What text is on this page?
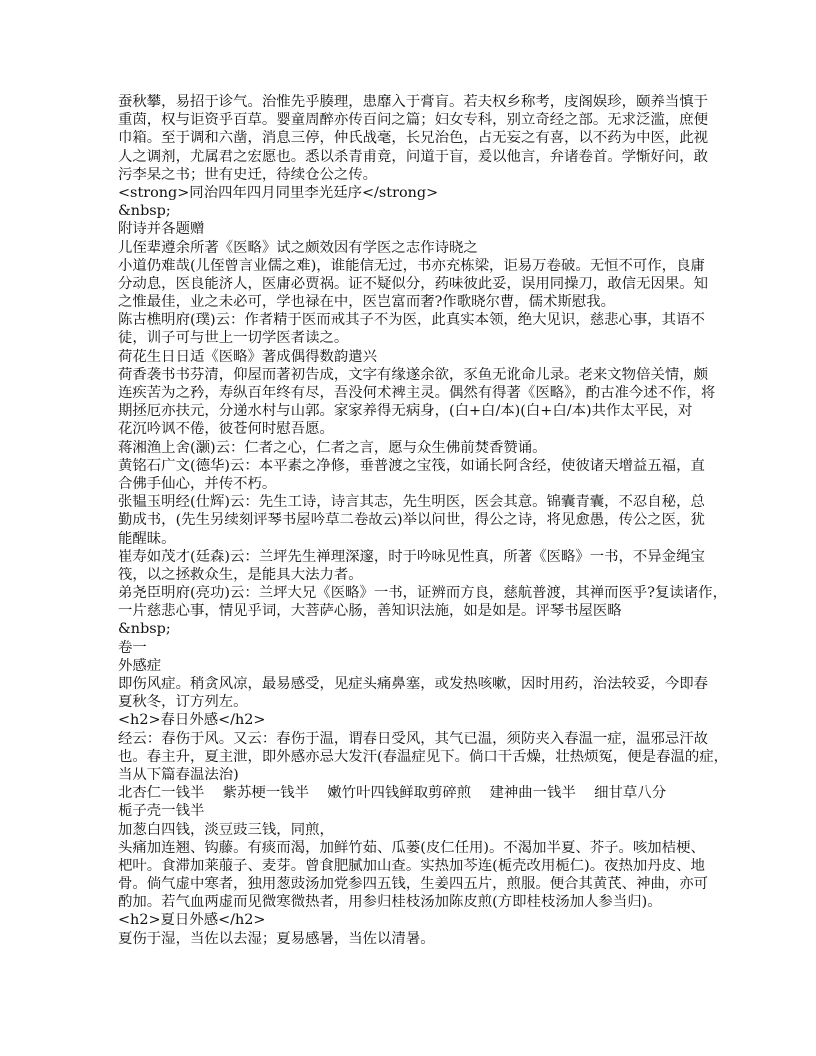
蚕秋攀，易招于诊气。治惟先乎腠理，患靡入于膏肓。若夫权乡称考，庋阁娱珍，颐养当慎于
重茵，权与讵资乎百草。婴童周醉亦传百问之篇；妇女专科，别立奇经之部。无求泛滥，庶便
巾箱。至于调和六凿，消息三停，仲氏战毫，长兄治色，占无妄之有喜，以不药为中医，此视
人之调剂，尤属君之宏愿也。悉以杀青甫竟，问道于盲，爰以他言，弁诸卷首。学惭好问，敢
污李杲之书；世有史迁，待续仓公之传。
<strong>同治四年四月同里李光廷序</strong>
&nbsp;
附诗并各题赠
儿侄辈遵余所著《医略》试之颇效因有学医之志作诗晓之
小道仍难哉(儿侄曾言业儒之难)，谁能信无过，书亦充栋梁，讵易万卷破。无恒不可作，良庸
分动息，医良能济人，医庸必贾祸。证不疑似分，药味彼此妥，误用同操刀，敢信无因果。知
之惟最佳，业之未必可，学也禄在中，医岂富而奢?作歌晓尔曹，儒术斯慰我。
陈古樵明府(璞)云：作者精于医而戒其子不为医，此真实本领，绝大见识，慈悲心事，其语不
徒，训子可与世上一切学医者读之。
荷花生日日适《医略》著成偶得数韵遣兴
荷香袭书书芬清，仰屋而著初告成，文字有缘遂余欲，豕鱼无讹命儿录。老来文物倍关情，颇
连疾苦为之矜，寿纵百年终有尽，吾没何术裨主灵。偶然有得著《医略》，酌古准今述不作，将
期拯厄亦扶元，分递水村与山郭。家家养得无病身，(白+白/本)(白+白/本)共作太平民，对
花沉吟讽不倦，彼苍何时慰吾愿。
蒋湘渔上舍(灏)云：仁者之心，仁者之言，愿与众生佛前焚香赞诵。
黄铭石广文(德华)云：本平素之净修，垂普渡之宝筏，如诵长阿含经，使彼诸天增益五福，直
合佛手仙心，并传不朽。
张韫玉明经(仕辉)云：先生工诗，诗言其志，先生明医，医会其意。锦囊青囊，不忍自秘，总
勤成书，(先生另续刻评琴书屋吟草二卷故云)举以问世，得公之诗，将见愈愚，传公之医，犹
能醒昧。
崔寿如茂才(廷森)云：兰坪先生禅理深邃，时于吟咏见性真，所著《医略》一书，不异金绳宝
筏，以之拯救众生，是能具大法力者。
弟尧臣明府(亮功)云：兰坪大兄《医略》一书，证辨而方良，慈航普渡，其禅而医乎?复读诸作，
一片慈悲心事，情见乎词，大菩萨心肠，善知识法施，如是如是。评琴书屋医略
&nbsp;
卷一
外感症
即伤风症。稍贪风凉，最易感受，见症头痛鼻塞，或发热咳嗽，因时用药，治法较妥，今即春
夏秋冬，订方列左。
<h2>春日外感</h2>
经云：春伤于风。又云：春伤于温，谓春日受风，其气已温，须防夹入春温一症，温邪忌汗故
也。春主升，夏主泄，即外感亦忌大发汗(春温症见下。倘口干舌燥，壮热烦冤，便是春温的症，
当从下篇春温法治)
北杏仁一钱半    紫苏梗一钱半    嫩竹叶四钱鲜取剪碎煎    建神曲一钱半    细甘草八分
栀子壳一钱半
加葱白四钱，淡豆豉三钱，同煎，
头痛加连翘、钩藤。有痰而渴，加鲜竹茹、瓜蒌(皮仁任用)。不渴加半夏、芥子。咳加桔梗、
杷叶。食滞加莱菔子、麦芽。曾食肥腻加山查。实热加芩连(栀壳改用栀仁)。夜热加丹皮、地
骨。倘气虚中寒者，独用葱豉汤加党参四五钱，生姜四五片，煎服。便合其黄芪、神曲，亦可
酌加。若气血两虚而见微寒微热者，用参归桂枝汤加陈皮煎(方即桂枝汤加人参当归)。
<h2>夏日外感</h2>
夏伤于湿，当佐以去湿；夏易感暑，当佐以清暑。
